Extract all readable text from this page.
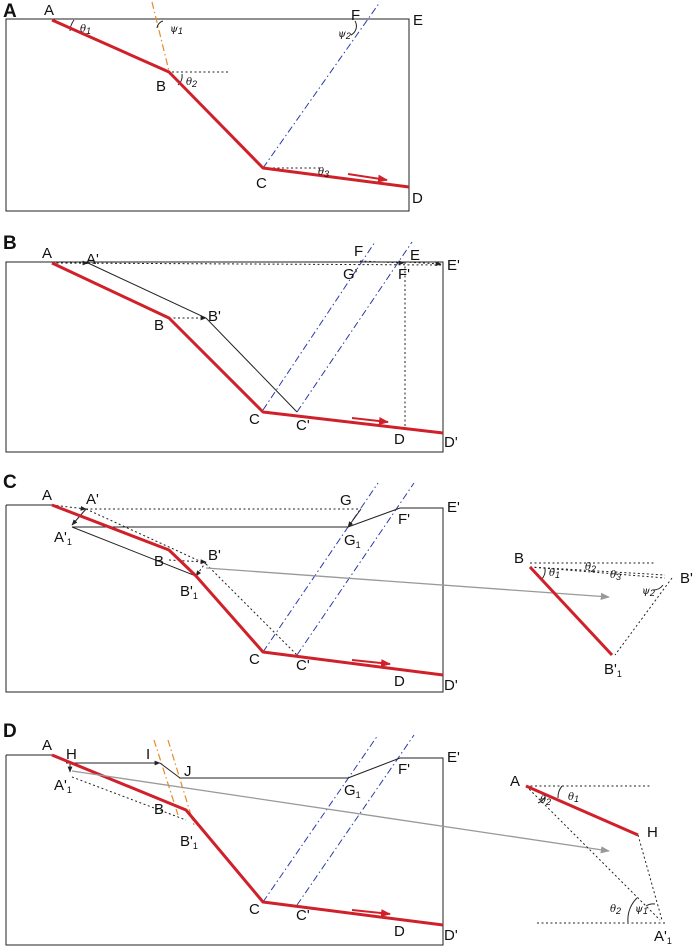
A A
B
C
D
E
F
θ1
θ2
θ3
ψ1	ψ2
B A A'
B
B'
C C'
D	D'
E
E'
F
F'
G'
C
A A'
$A'_1$
B	B'
$B'_1$
C C'
D	D'
E'
F'
G
$G_1$
B
B'
$B'_1$
θ1
θ2
θ3
ψ2
D
A
H	I
J
$A'_1$
B
$B'_1$
C C'
D	D'
E'
F'
$G_1$
A
H
$A'_1$
θ1
θ2
θ2 ψ1
